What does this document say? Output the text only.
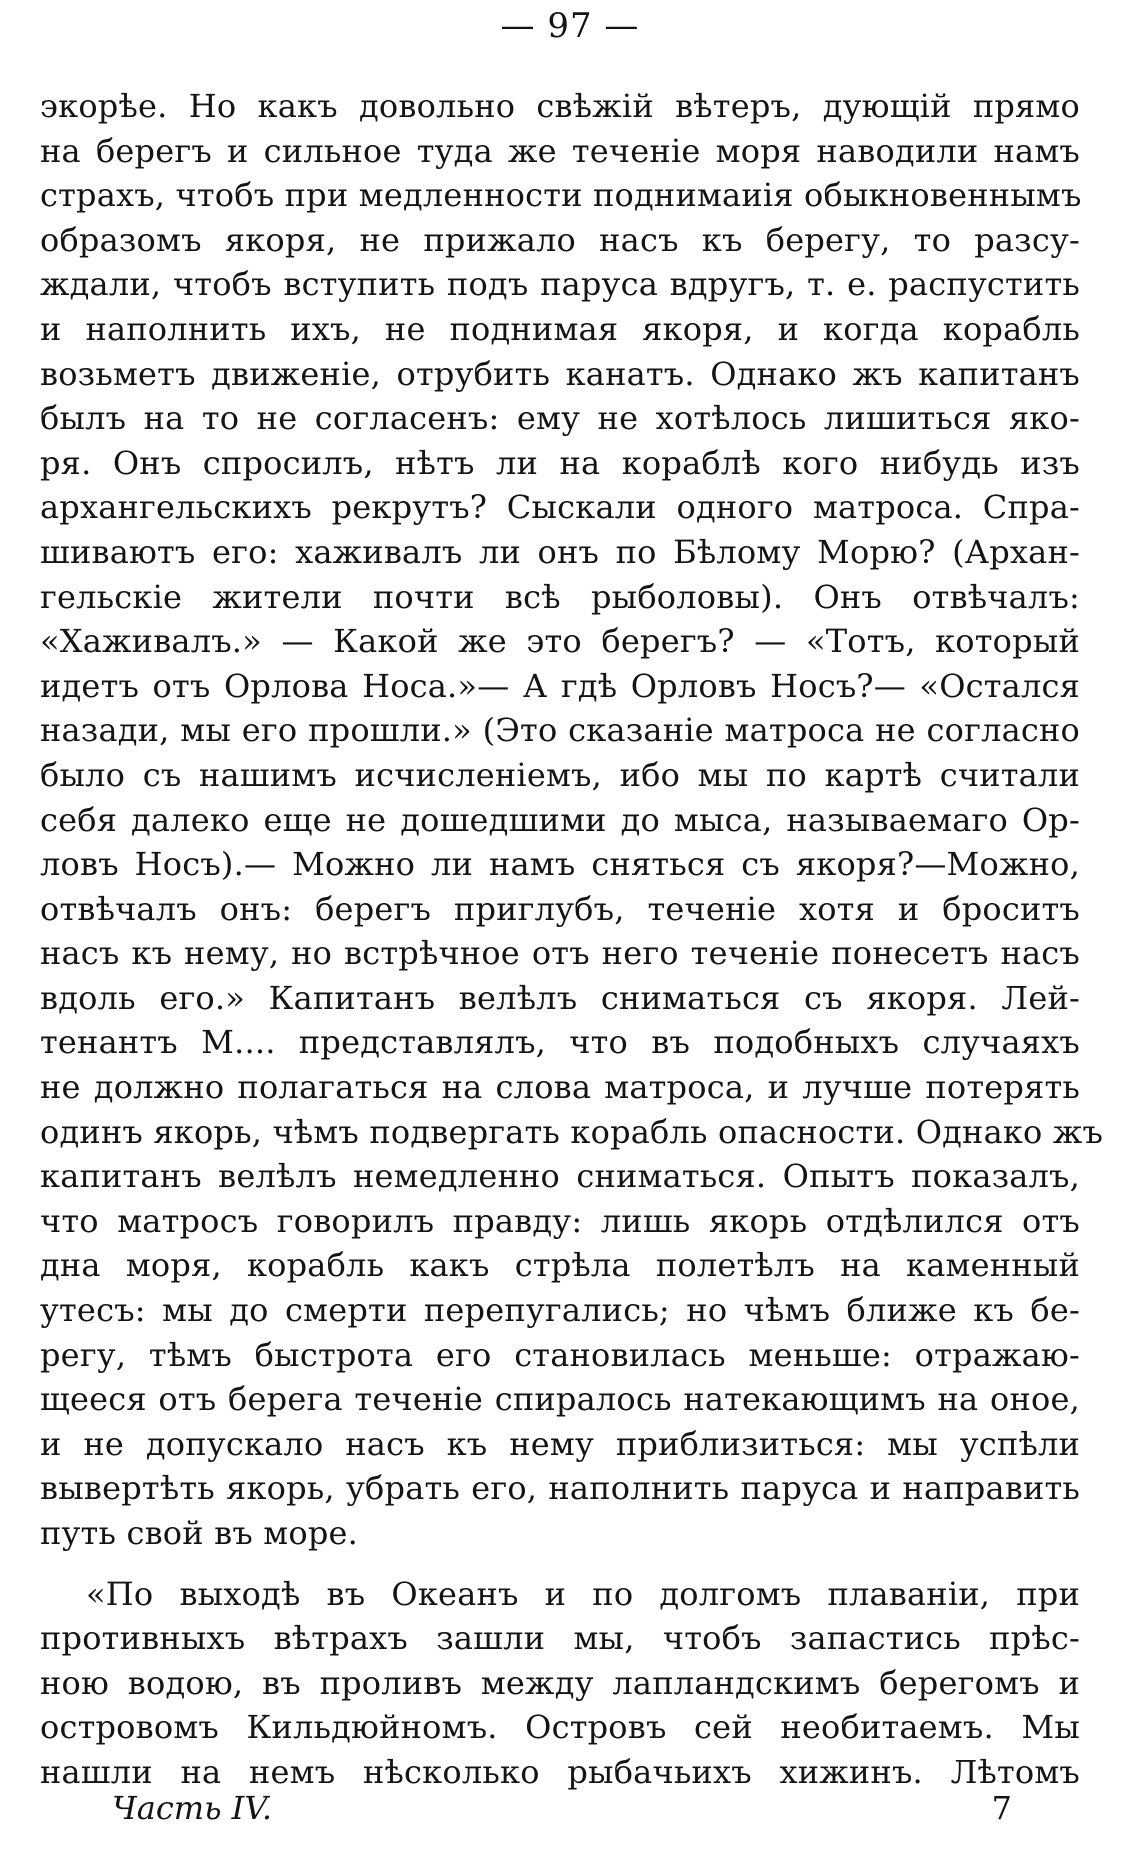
— 97 —
экорѣе. Но какъ довольно свѣжій вѣтеръ, дующій прямо
на берегъ и сильное туда же теченіе моря наводили намъ
страхъ, чтобъ при медленности поднимаиія обыкновеннымъ
образомъ якоря, не прижало насъ къ берегу, то разсу-
ждали, чтобъ вступить подъ паруса вдругъ, т. е. распустить
и наполнить ихъ, не поднимая якоря, и когда корабль
возьметъ движеніе, отрубить канатъ. Однако жъ капитанъ
былъ на то не согласенъ: ему не хотѣлось лишиться яко-
ря. Онъ спросилъ, нѣтъ ли на кораблѣ кого нибудь изъ
архангельскихъ рекрутъ? Сыскали одного матроса. Спра-
шиваютъ его: хаживалъ ли онъ по Бѣлому Морю? (Архан-
гельскіе жители почти всѣ рыболовы). Онъ отвѣчалъ:
«Хаживалъ.» — Какой же это берегъ? — «Тотъ, который
идетъ отъ Орлова Носа.»— А гдѣ Орловъ Носъ?— «Остался
назади, мы его прошли.» (Это сказаніе матроса не согласно
было съ нашимъ исчисленіемъ, ибо мы по картѣ считали
себя далеко еще не дошедшими до мыса, называемаго Ор-
ловъ Носъ).— Можно ли намъ сняться съ якоря?—Можно,
отвѣчалъ онъ: берегъ приглубъ, теченіе хотя и броситъ
насъ къ нему, но встрѣчное отъ него теченіе понесетъ насъ
вдоль его.» Капитанъ велѣлъ сниматься съ якоря. Лей-
тенантъ М.... представлялъ, что въ подобныхъ случаяхъ
не должно полагаться на слова матроса, и лучше потерять
одинъ якорь, чѣмъ подвергать корабль опасности. Однако жъ
капитанъ велѣлъ немедленно сниматься. Опытъ показалъ,
что матросъ говорилъ правду: лишь якорь отдѣлился отъ
дна моря, корабль какъ стрѣла полетѣлъ на каменный
утесъ: мы до смерти перепугались; но чѣмъ ближе къ бе-
регу, тѣмъ быстрота его становилась меньше: отражаю-
щееся отъ берега теченіе спиралось натекающимъ на оное,
и не допускало насъ къ нему приблизиться: мы успѣли
вывертѣть якорь, убрать его, наполнить паруса и направить
путь свой въ море.
«По выходѣ въ Океанъ и по долгомъ плаваніи, при
противныхъ вѣтрахъ зашли мы, чтобъ запастись прѣс-
ною водою, въ проливъ между лапландскимъ берегомъ и
островомъ Кильдюйномъ. Островъ сей необитаемъ. Мы
нашли на немъ нѣсколько рыбачьихъ хижинъ. Лѣтомъ
Часть IV.	7
